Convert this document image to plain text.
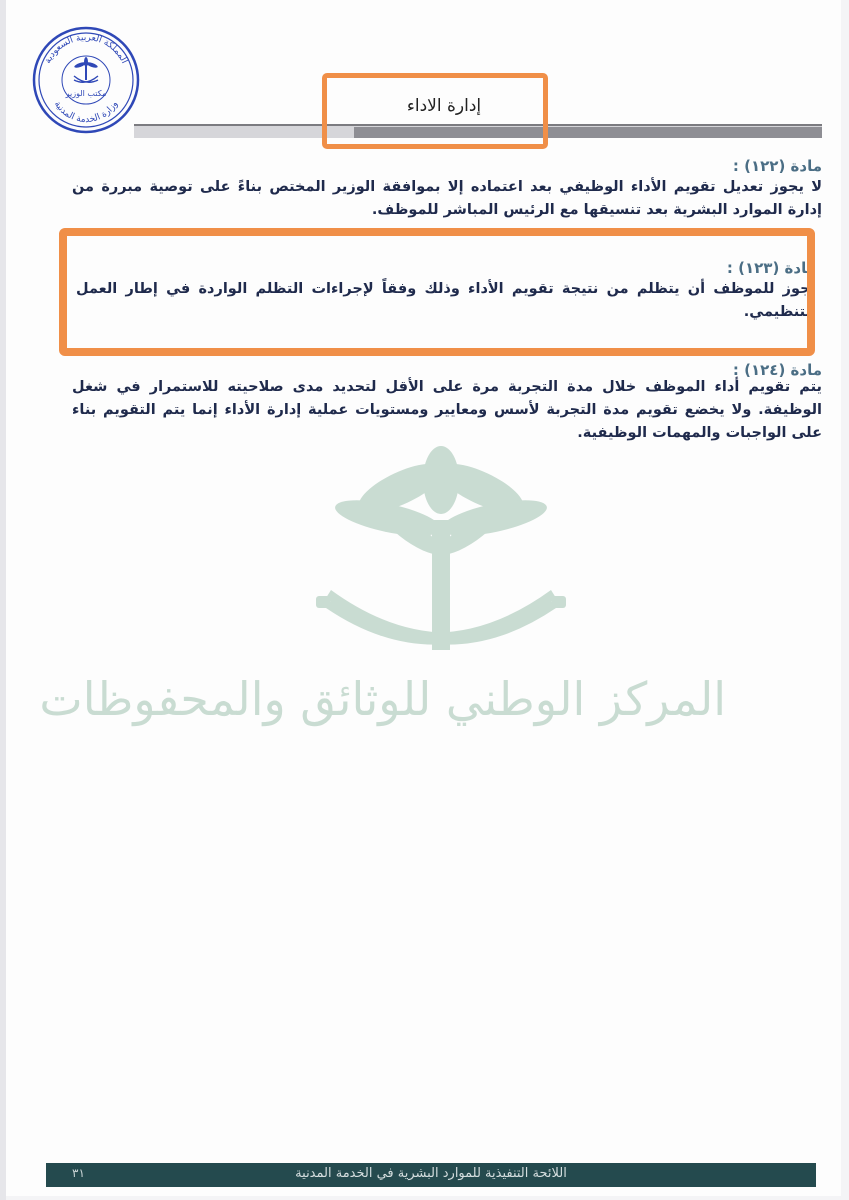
المملكة العربية السعودية
وزارة الخدمة المدنية
مكتب الوزير
إدارة الاداء
مادة (١٢٢) :
لا يجوز تعديل تقويم الأداء الوظيفي بعد اعتماده إلا بموافقة الوزير المختص بناءً على توصية مبررة من إدارة الموارد البشرية بعد تنسيقها مع الرئيس المباشر للموظف.
مادة (١٢٣) :
يجوز للموظف أن يتظلم من نتيجة تقويم الأداء وذلك وفقاً لإجراءات التظلم الواردة في إطار العمل التنظيمي.
مادة (١٢٤) :
يتم تقويم أداء الموظف خلال مدة التجربة مرة على الأقل لتحديد مدى صلاحيته للاستمرار في شغل الوظيفة. ولا يخضع تقويم مدة التجربة لأسس ومعايير ومستويات عملية إدارة الأداء إنما يتم التقويم بناء على الواجبات والمهمات الوظيفية.
المركز الوطني للوثائق والمحفوظات
٣١	اللائحة التنفيذية للموارد البشرية في الخدمة المدنية
